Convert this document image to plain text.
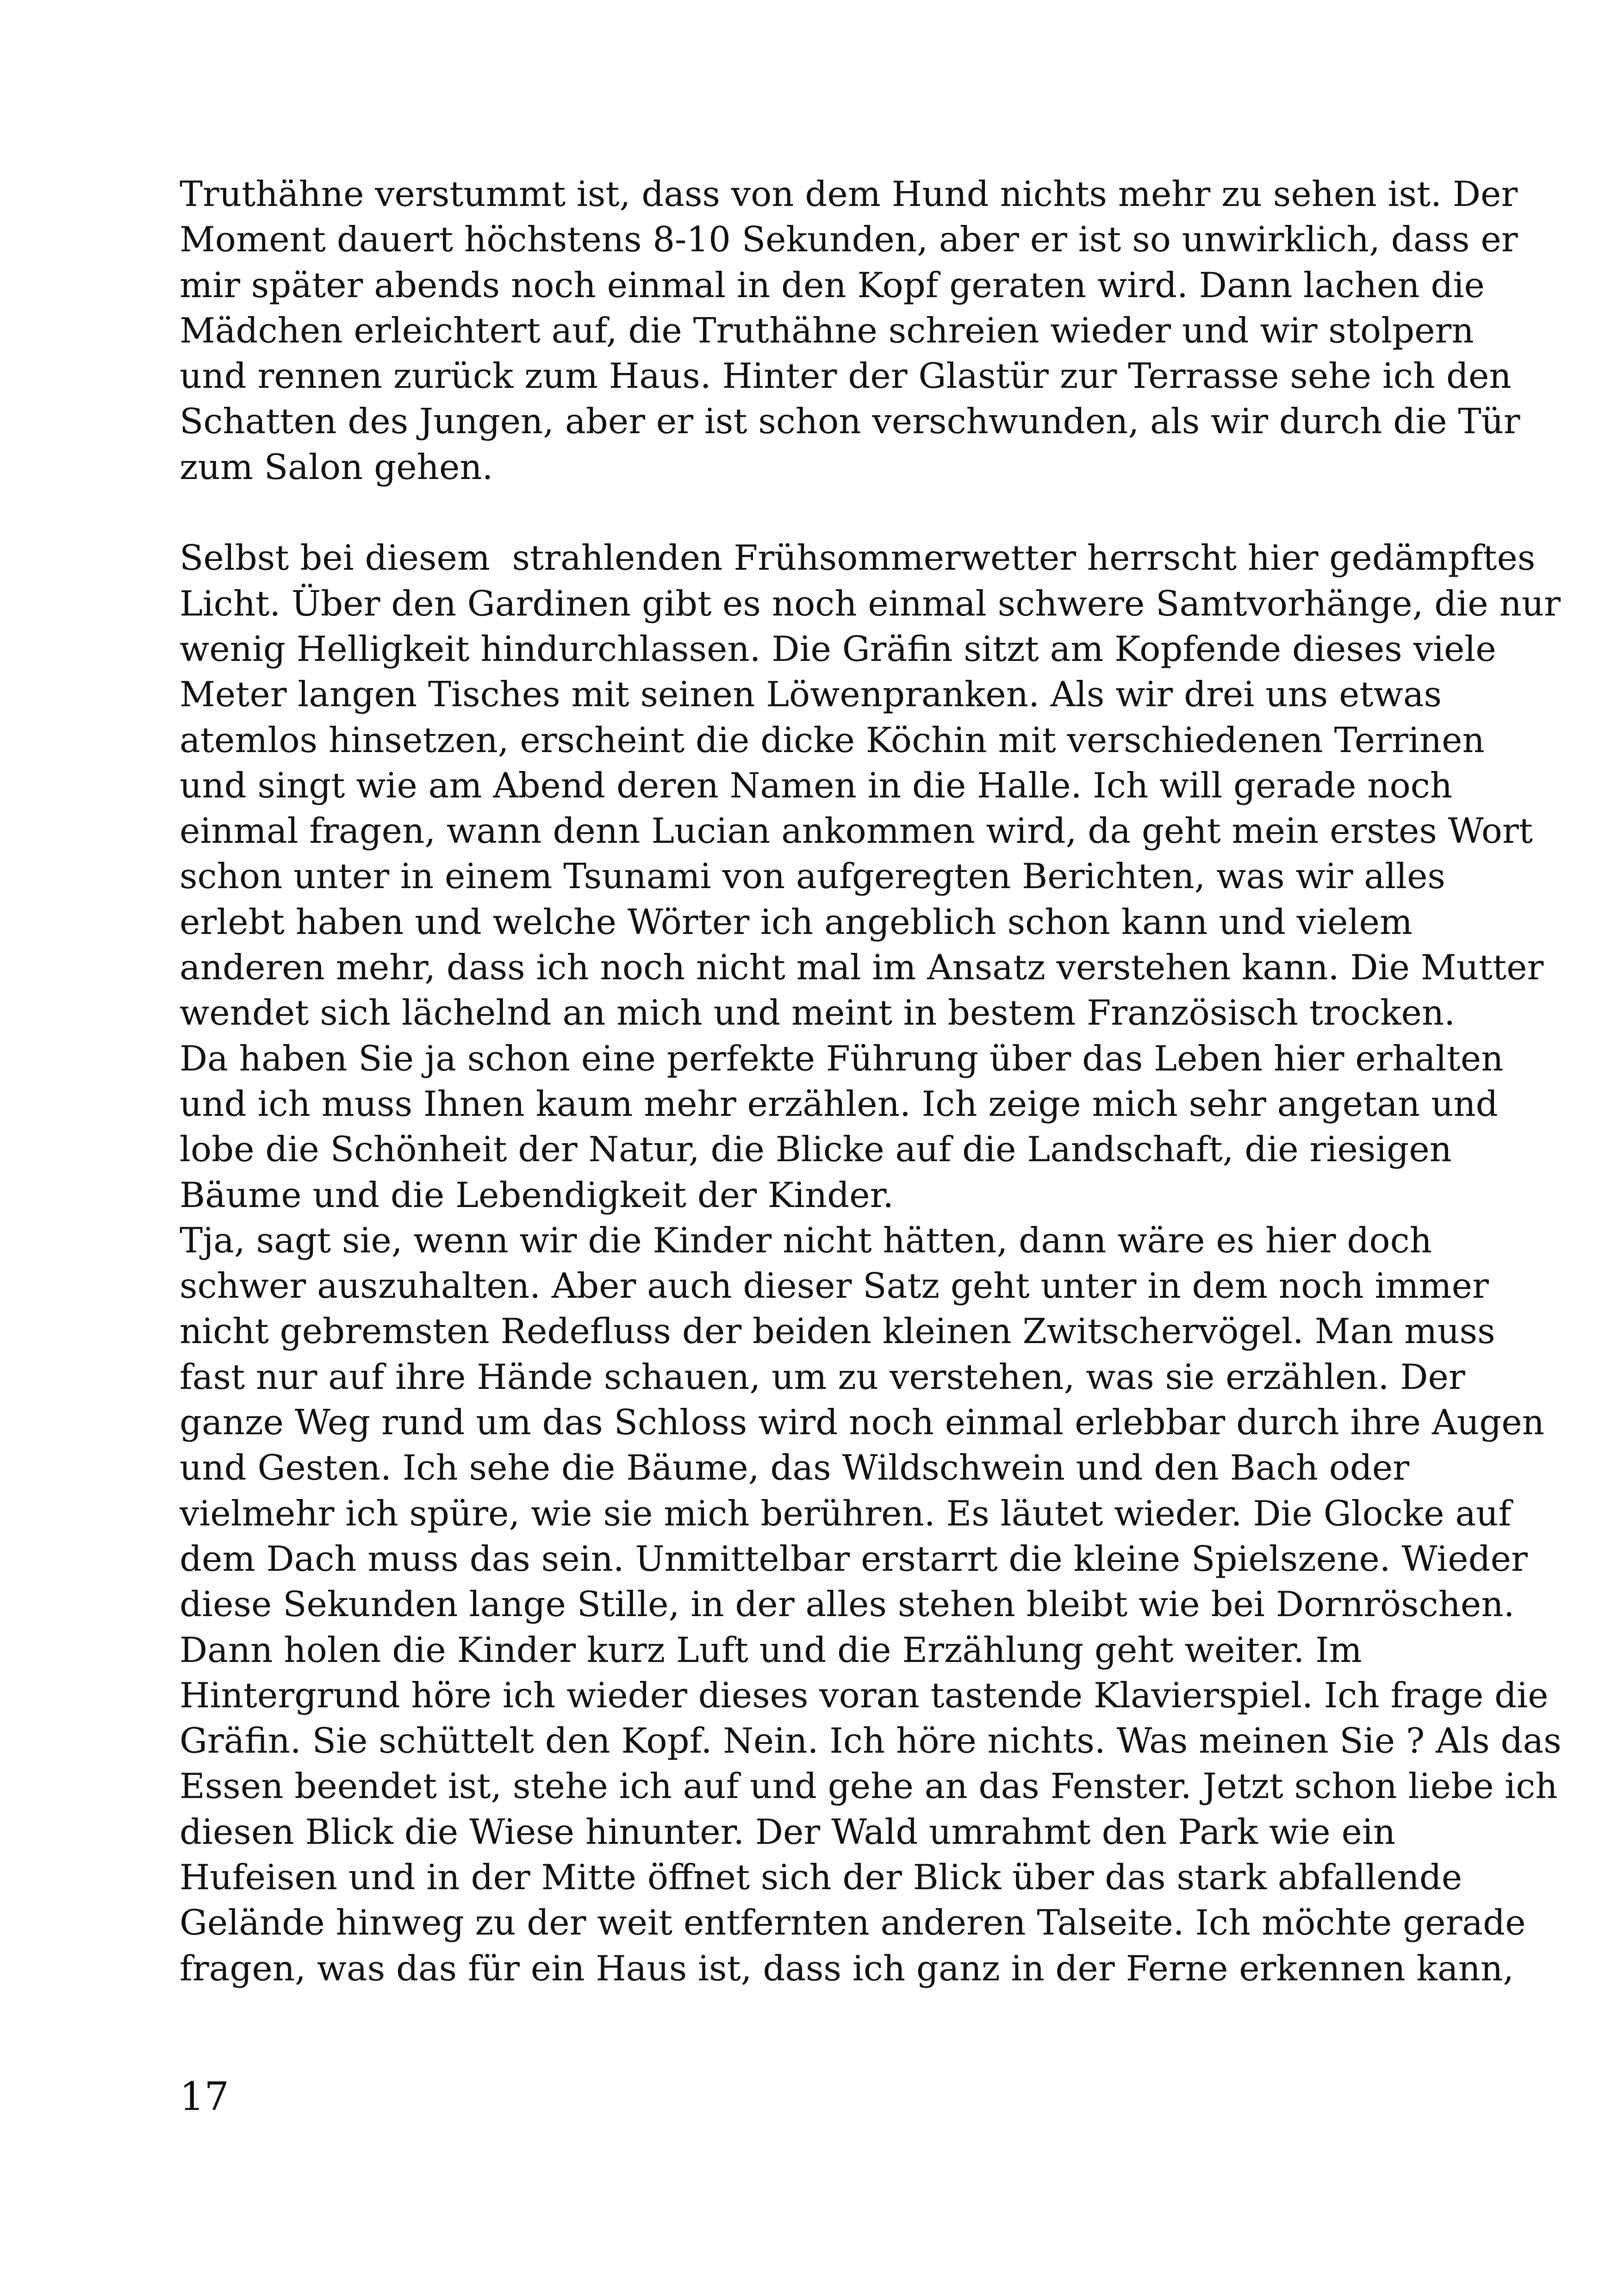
Truthähne verstummt ist, dass von dem Hund nichts mehr zu sehen ist. Der
Moment dauert höchstens 8-10 Sekunden, aber er ist so unwirklich, dass er
mir später abends noch einmal in den Kopf geraten wird. Dann lachen die
Mädchen erleichtert auf, die Truthähne schreien wieder und wir stolpern
und rennen zurück zum Haus. Hinter der Glastür zur Terrasse sehe ich den
Schatten des Jungen, aber er ist schon verschwunden, als wir durch die Tür
zum Salon gehen.
Selbst bei diesem  strahlenden Frühsommerwetter herrscht hier gedämpftes
Licht. Über den Gardinen gibt es noch einmal schwere Samtvorhänge, die nur
wenig Helligkeit hindurchlassen. Die Gräfin sitzt am Kopfende dieses viele
Meter langen Tisches mit seinen Löwenpranken. Als wir drei uns etwas
atemlos hinsetzen, erscheint die dicke Köchin mit verschiedenen Terrinen
und singt wie am Abend deren Namen in die Halle. Ich will gerade noch
einmal fragen, wann denn Lucian ankommen wird, da geht mein erstes Wort
schon unter in einem Tsunami von aufgeregten Berichten, was wir alles
erlebt haben und welche Wörter ich angeblich schon kann und vielem
anderen mehr, dass ich noch nicht mal im Ansatz verstehen kann. Die Mutter
wendet sich lächelnd an mich und meint in bestem Französisch trocken.
Da haben Sie ja schon eine perfekte Führung über das Leben hier erhalten
und ich muss Ihnen kaum mehr erzählen. Ich zeige mich sehr angetan und
lobe die Schönheit der Natur, die Blicke auf die Landschaft, die riesigen
Bäume und die Lebendigkeit der Kinder.
Tja, sagt sie, wenn wir die Kinder nicht hätten, dann wäre es hier doch
schwer auszuhalten. Aber auch dieser Satz geht unter in dem noch immer
nicht gebremsten Redefluss der beiden kleinen Zwitschervögel. Man muss
fast nur auf ihre Hände schauen, um zu verstehen, was sie erzählen. Der
ganze Weg rund um das Schloss wird noch einmal erlebbar durch ihre Augen
und Gesten. Ich sehe die Bäume, das Wildschwein und den Bach oder
vielmehr ich spüre, wie sie mich berühren. Es läutet wieder. Die Glocke auf
dem Dach muss das sein. Unmittelbar erstarrt die kleine Spielszene. Wieder
diese Sekunden lange Stille, in der alles stehen bleibt wie bei Dornröschen.
Dann holen die Kinder kurz Luft und die Erzählung geht weiter. Im
Hintergrund höre ich wieder dieses voran tastende Klavierspiel. Ich frage die
Gräfin. Sie schüttelt den Kopf. Nein. Ich höre nichts. Was meinen Sie ? Als das
Essen beendet ist, stehe ich auf und gehe an das Fenster. Jetzt schon liebe ich
diesen Blick die Wiese hinunter. Der Wald umrahmt den Park wie ein
Hufeisen und in der Mitte öffnet sich der Blick über das stark abfallende
Gelände hinweg zu der weit entfernten anderen Talseite. Ich möchte gerade
fragen, was das für ein Haus ist, dass ich ganz in der Ferne erkennen kann,
17
